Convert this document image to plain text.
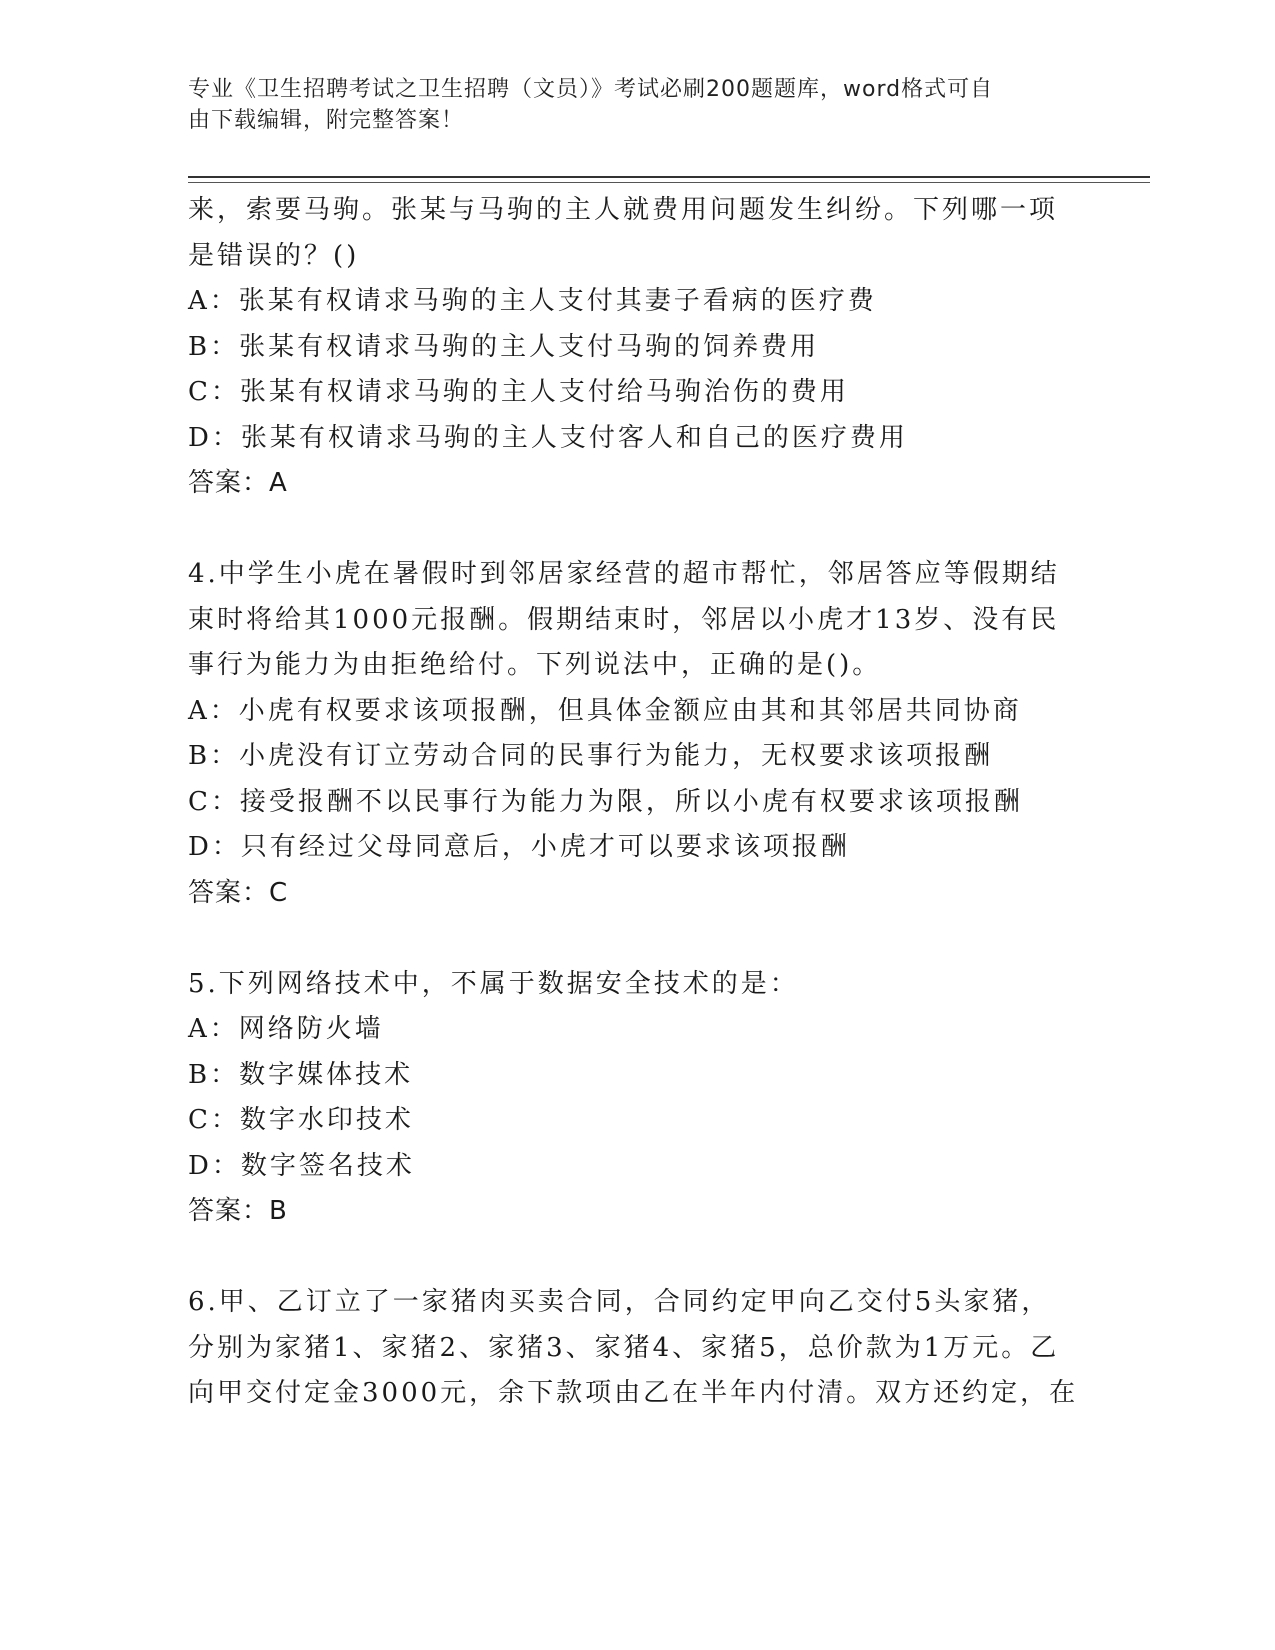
专业《卫生招聘考试之卫生招聘（文员）》考试必刷200题题库，word格式可自
由下载编辑，附完整答案！
来，索要马驹。张某与马驹的主人就费用问题发生纠纷。下列哪一项
是错误的？()
A：张某有权请求马驹的主人支付其妻子看病的医疗费
B：张某有权请求马驹的主人支付马驹的饲养费用
C：张某有权请求马驹的主人支付给马驹治伤的费用
D：张某有权请求马驹的主人支付客人和自己的医疗费用
答案：A
4.中学生小虎在暑假时到邻居家经营的超市帮忙，邻居答应等假期结
束时将给其1000元报酬。假期结束时，邻居以小虎才13岁、没有民
事行为能力为由拒绝给付。下列说法中，正确的是()。
A：小虎有权要求该项报酬，但具体金额应由其和其邻居共同协商
B：小虎没有订立劳动合同的民事行为能力，无权要求该项报酬
C：接受报酬不以民事行为能力为限，所以小虎有权要求该项报酬
D：只有经过父母同意后，小虎才可以要求该项报酬
答案：C
5.下列网络技术中，不属于数据安全技术的是：
A：网络防火墙
B：数字媒体技术
C：数字水印技术
D：数字签名技术
答案：B
6.甲、乙订立了一家猪肉买卖合同，合同约定甲向乙交付5头家猪，
分别为家猪1、家猪2、家猪3、家猪4、家猪5，总价款为1万元。乙
向甲交付定金3000元，余下款项由乙在半年内付清。双方还约定，在
